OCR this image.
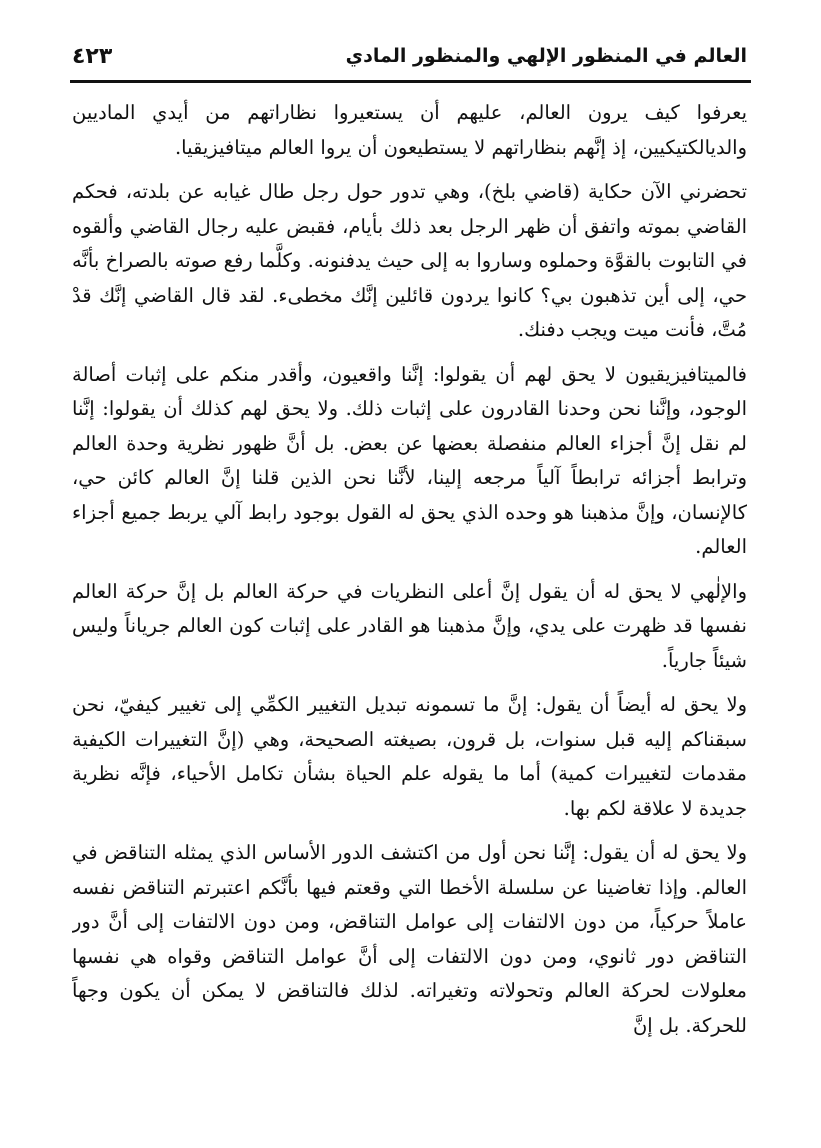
العالم في المنظور الإلهي والمنظور المادي
٤٢٣

يعرفوا كيف يرون العالم، عليهم أن يستعيروا نظاراتهم من أيدي الماديين والديالكتيكيين، إذ إنَّهم بنظاراتهم لا يستطيعون أن يروا العالم ميتافيزيقيا.

تحضرني الآن حكاية (قاضي بلخ)، وهي تدور حول رجل طال غيابه عن بلدته، فحكم القاضي بموته واتفق أن ظهر الرجل بعد ذلك بأيام، فقبض عليه رجال القاضي وألقوه في التابوت بالقوَّة وحملوه وساروا به إلى حيث يدفنونه. وكلَّما رفع صوته بالصراخ بأنَّه حي، إلى أين تذهبون بي؟ كانوا يردون قائلين إنَّك مخطىء. لقد قال القاضي إنَّك قدْ مُتَّ، فأنت ميت ويجب دفنك.

فالميتافيزيقيون لا يحق لهم أن يقولوا: إنَّنا واقعيون، وأقدر منكم على إثبات أصالة الوجود، وإنَّنا نحن وحدنا القادرون على إثبات ذلك. ولا يحق لهم كذلك أن يقولوا: إنَّنا لم نقل إنَّ أجزاء العالم منفصلة بعضها عن بعض. بل أنَّ ظهور نظرية وحدة العالم وترابط أجزائه ترابطاً آلياً مرجعه إلينا، لأنَّنا نحن الذين قلنا إنَّ العالم كائن حي، كالإنسان، وإنَّ مذهبنا هو وحده الذي يحق له القول بوجود رابط آلي يربط جميع أجزاء العالم.

والإلٰهي لا يحق له أن يقول إنَّ أعلى النظريات في حركة العالم بل إنَّ حركة العالم نفسها قد ظهرت على يدي، وإنَّ مذهبنا هو القادر على إثبات كون العالم جرياناً وليس شيئاً جارياً.

ولا يحق له أيضاً أن يقول: إنَّ ما تسمونه تبديل التغيير الكمِّي إلى تغيير كيفيّ، نحن سبقناكم إليه قبل سنوات، بل قرون، بصيغته الصحيحة، وهي (إنَّ التغييرات الكيفية مقدمات لتغييرات كمية) أما ما يقوله علم الحياة بشأن تكامل الأحياء، فإنَّه نظرية جديدة لا علاقة لكم بها.

ولا يحق له أن يقول: إنَّنا نحن أول من اكتشف الدور الأساس الذي يمثله التناقض في العالم. وإذا تغاضينا عن سلسلة الأخطا التي وقعتم فيها بأنَّكم اعتبرتم التناقض نفسه عاملاً حركياً، من دون الالتفات إلى عوامل التناقض، ومن دون الالتفات إلى أنَّ دور التناقض دور ثانوي، ومن دون الالتفات إلى أنَّ عوامل التناقض وقواه هي نفسها معلولات لحركة العالم وتحولاته وتغيراته. لذلك فالتناقض لا يمكن أن يكون وجهاً للحركة. بل إنَّ
